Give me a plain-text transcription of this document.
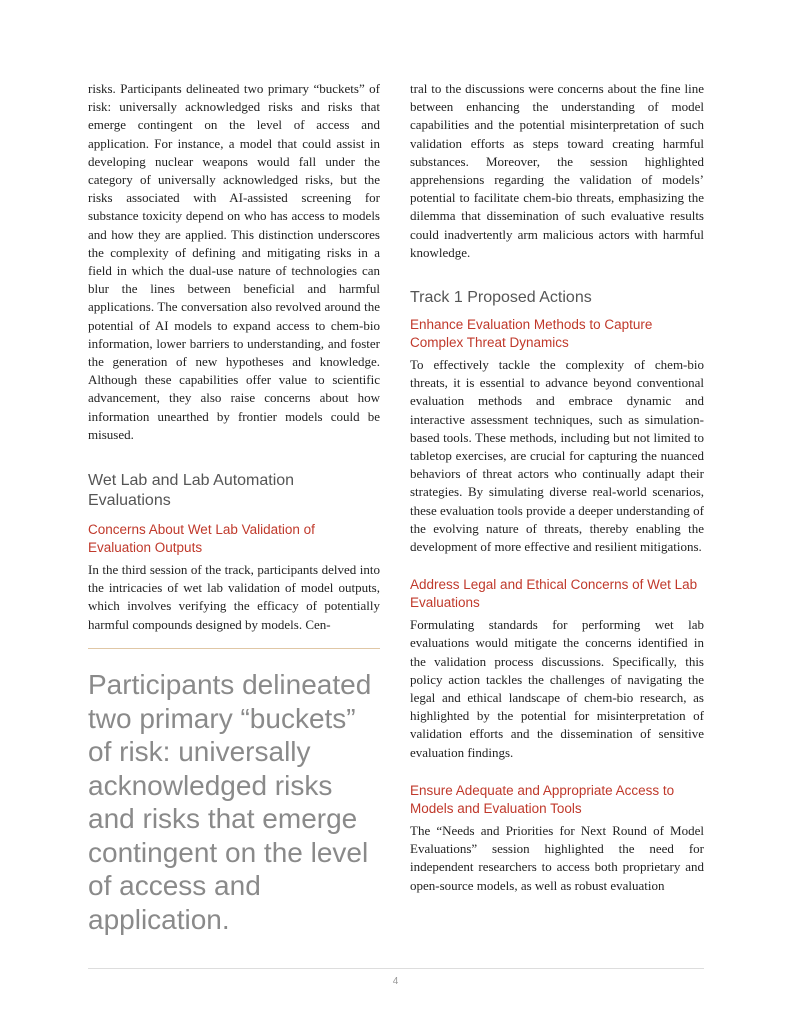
risks. Participants delineated two primary “buckets” of risk: universally acknowledged risks and risks that emerge contingent on the level of access and application. For instance, a model that could assist in developing nuclear weapons would fall under the category of universally acknowledged risks, but the risks associated with AI-assisted screening for substance toxicity depend on who has access to models and how they are applied. This distinction underscores the complexity of defining and mitigating risks in a field in which the dual-use nature of technologies can blur the lines between beneficial and harmful applications. The conversation also revolved around the potential of AI models to expand access to chem-bio information, lower barriers to understanding, and foster the generation of new hypotheses and knowledge. Although these capabilities offer value to scientific advancement, they also raise concerns about how information unearthed by frontier models could be misused.

Wet Lab and Lab Automation Evaluations
Concerns About Wet Lab Validation of Evaluation Outputs

In the third session of the track, participants delved into the intricacies of wet lab validation of model outputs, which involves verifying the efficacy of potentially harmful compounds designed by models. Cen-

Participants delineated two primary “buckets” of risk: universally acknowledged risks and risks that emerge contingent on the level of access and application.

tral to the discussions were concerns about the fine line between enhancing the understanding of model capabilities and the potential misinterpretation of such validation efforts as steps toward creating harmful substances. Moreover, the session highlighted apprehensions regarding the validation of models’ potential to facilitate chem-bio threats, emphasizing the dilemma that dissemination of such evaluative results could inadvertently arm malicious actors with harmful knowledge.

Track 1 Proposed Actions
Enhance Evaluation Methods to Capture Complex Threat Dynamics

To effectively tackle the complexity of chem-bio threats, it is essential to advance beyond conventional evaluation methods and embrace dynamic and interactive assessment techniques, such as simulation-based tools. These methods, including but not limited to tabletop exercises, are crucial for capturing the nuanced behaviors of threat actors who continually adapt their strategies. By simulating diverse real-world scenarios, these evaluation tools provide a deeper understanding of the evolving nature of threats, thereby enabling the development of more effective and resilient mitigations.

Address Legal and Ethical Concerns of Wet Lab Evaluations

Formulating standards for performing wet lab evaluations would mitigate the concerns identified in the validation process discussions. Specifically, this policy action tackles the challenges of navigating the legal and ethical landscape of chem-bio research, as highlighted by the potential for misinterpretation of validation efforts and the dissemination of sensitive evaluation findings.

Ensure Adequate and Appropriate Access to Models and Evaluation Tools

The “Needs and Priorities for Next Round of Model Evaluations” session highlighted the need for independent researchers to access both proprietary and open-source models, as well as robust evaluation

4
